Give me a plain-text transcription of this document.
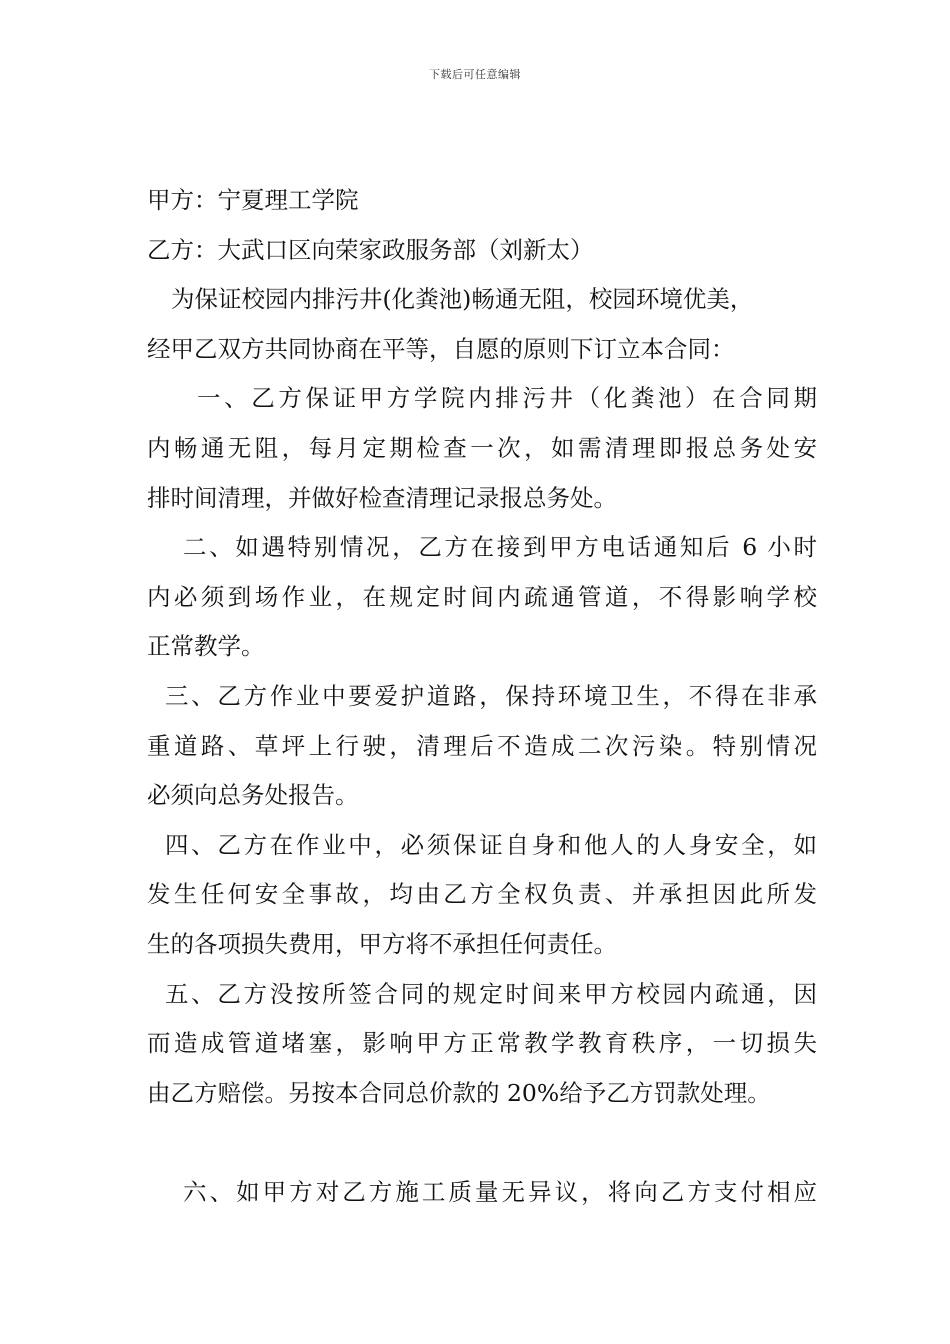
下载后可任意编辑
甲方：宁夏理工学院
乙方：大武口区向荣家政服务部（刘新太）
为保证校园内排污井(化粪池)畅通无阻，校园环境优美，
经甲乙双方共同协商在平等，自愿的原则下订立本合同：
一、乙方保证甲方学院内排污井（化粪池）在合同期
内畅通无阻，每月定期检查一次，如需清理即报总务处安
排时间清理，并做好检查清理记录报总务处。
二、如遇特别情况，乙方在接到甲方电话通知后 6 小时
内必须到场作业，在规定时间内疏通管道，不得影响学校
正常教学。
三、乙方作业中要爱护道路，保持环境卫生，不得在非承
重道路、草坪上行驶，清理后不造成二次污染。特别情况
必须向总务处报告。
四、乙方在作业中，必须保证自身和他人的人身安全，如
发生任何安全事故，均由乙方全权负责、并承担因此所发
生的各项损失费用，甲方将不承担任何责任。
五、乙方没按所签合同的规定时间来甲方校园内疏通，因
而造成管道堵塞，影响甲方正常教学教育秩序，一切损失
由乙方赔偿。另按本合同总价款的 20%给予乙方罚款处理。
六、如甲方对乙方施工质量无异议，将向乙方支付相应
